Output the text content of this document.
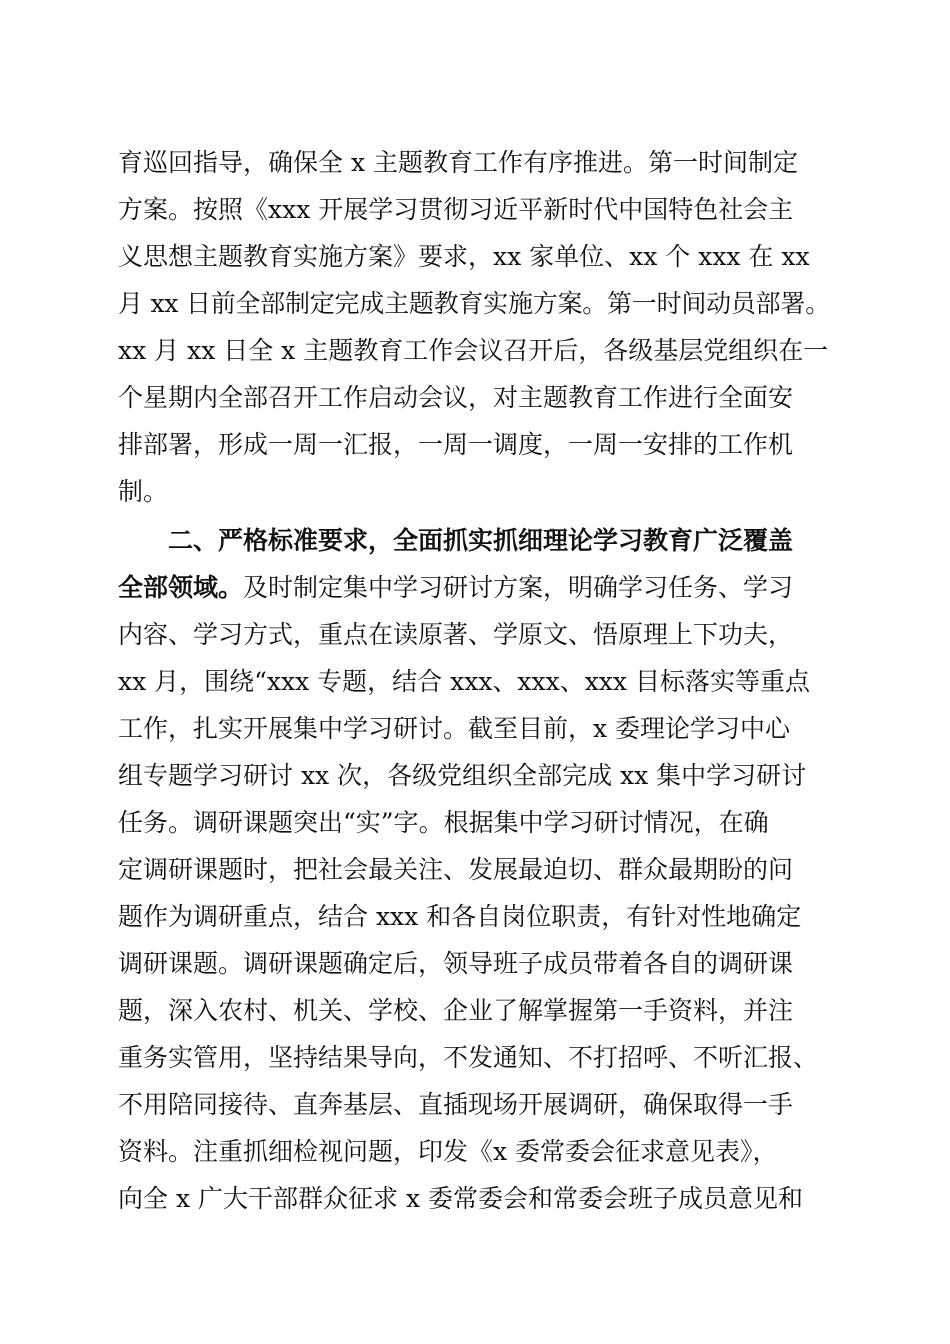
育巡回指导，确保全 x 主题教育工作有序推进。第一时间制定
方案。按照《xxx 开展学习贯彻习近平新时代中国特色社会主
义思想主题教育实施方案》要求，xx 家单位、xx 个 xxx 在 xx
月 xx 日前全部制定完成主题教育实施方案。第一时间动员部署。
xx 月 xx 日全 x 主题教育工作会议召开后，各级基层党组织在一
个星期内全部召开工作启动会议，对主题教育工作进行全面安
排部署，形成一周一汇报，一周一调度，一周一安排的工作机
制。
二、严格标准要求，全面抓实抓细理论学习教育广泛覆盖
全部领域。 及时制定集中学习研讨方案，明确学习任务、学习
内容、学习方式，重点在读原著、学原文、悟原理上下功夫，
xx 月，围绕“xxx 专题，结合 xxx、xxx、xxx 目标落实等重点
工作，扎实开展集中学习研讨。截至目前，x 委理论学习中心
组专题学习研讨 xx 次，各级党组织全部完成 xx 集中学习研讨
任务。调研课题突出“实”字。根据集中学习研讨情况，在确
定调研课题时，把社会最关注、发展最迫切、群众最期盼的问
题作为调研重点，结合 xxx 和各自岗位职责，有针对性地确定
调研课题。调研课题确定后，领导班子成员带着各自的调研课
题，深入农村、机关、学校、企业了解掌握第一手资料，并注
重务实管用，坚持结果导向，不发通知、不打招呼、不听汇报、
不用陪同接待、直奔基层、直插现场开展调研，确保取得一手
资料。注重抓细检视问题，印发《x 委常委会征求意见表》，
向全 x 广大干部群众征求 x 委常委会和常委会班子成员意见和
